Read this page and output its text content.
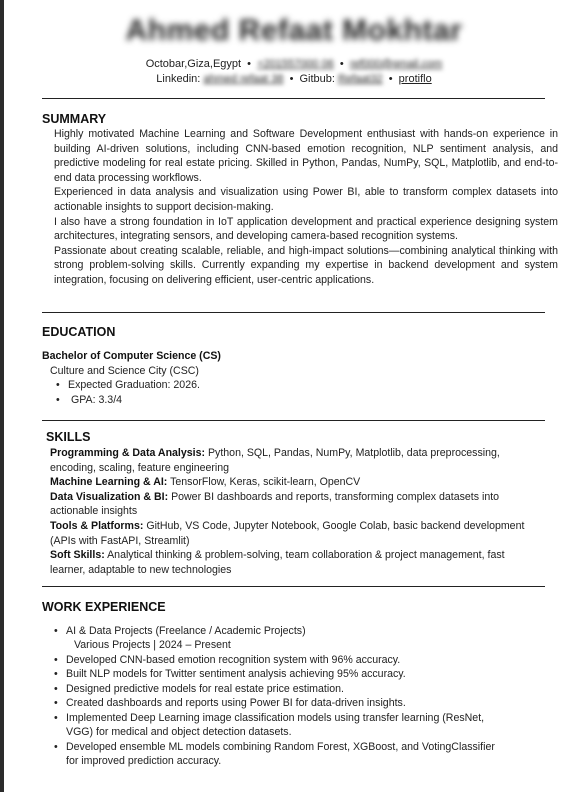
Ahmed Refaat Mokhtar
Octobar,Giza,Egypt • +201557000 06 • ref000@gmail.com
Linkedin: ahmed refaat 38 • Gitbub: Refaat32 • protiflo
SUMMARY

Highly motivated Machine Learning and Software Development enthusiast with hands-on experience in building AI-driven solutions, including CNN-based emotion recognition, NLP sentiment analysis, and predictive modeling for real estate pricing. Skilled in Python, Pandas, NumPy, SQL, Matplotlib, and end-to-end data processing workflows.

Experienced in data analysis and visualization using Power BI, able to transform complex datasets into actionable insights to support decision-making.

I also have a strong foundation in IoT application development and practical experience designing system architectures, integrating sensors, and developing camera-based recognition systems.

Passionate about creating scalable, reliable, and high-impact solutions—combining analytical thinking with strong problem-solving skills. Currently expanding my expertise in backend development and system integration, focusing on delivering efficient, user-centric applications.

EDUCATION
Bachelor of Computer Science (CS)
Culture and Science City (CSC)
• Expected Graduation: 2026.
• GPA: 3.3/4
SKILLS

Programming & Data Analysis: Python, SQL, Pandas, NumPy, Matplotlib, data preprocessing, encoding, scaling, feature engineering

Machine Learning & AI: TensorFlow, Keras, scikit-learn, OpenCV

Data Visualization & BI: Power BI dashboards and reports, transforming complex datasets into actionable insights

Tools & Platforms: GitHub, VS Code, Jupyter Notebook, Google Colab, basic backend development (APIs with FastAPI, Streamlit)

Soft Skills: Analytical thinking & problem-solving, team collaboration & project management, fast learner, adaptable to new technologies

WORK EXPERIENCE
• AI & Data Projects (Freelance / Academic Projects)
Various Projects | 2024 – Present
• Developed CNN-based emotion recognition system with 96% accuracy.
• Built NLP models for Twitter sentiment analysis achieving 95% accuracy.
• Designed predictive models for real estate price estimation.
• Created dashboards and reports using Power BI for data-driven insights.
• Implemented Deep Learning image classification models using transfer learning (ResNet,
VGG) for medical and object detection datasets.
• Developed ensemble ML models combining Random Forest, XGBoost, and VotingClassifier
for improved prediction accuracy.
